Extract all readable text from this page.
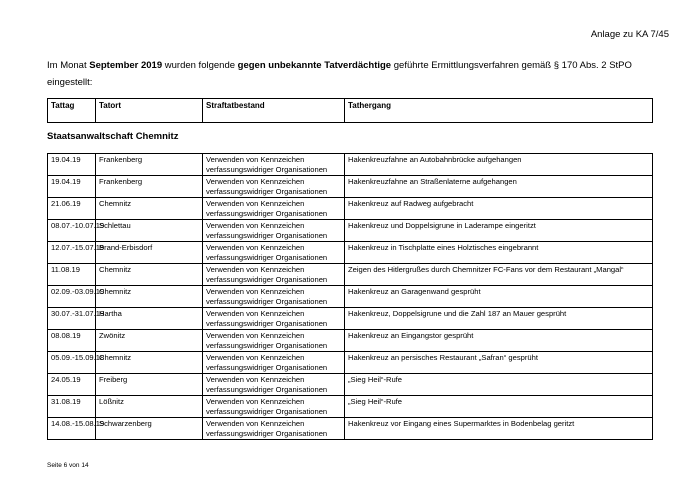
Anlage zu KA 7/45
Im Monat September 2019 wurden folgende gegen unbekannte Tatverdächtige geführte Ermittlungsverfahren gemäß § 170 Abs. 2 StPO eingestellt:
Tattag	Tatort	Straftatbestand	Tathergang
Staatsanwaltschaft Chemnitz
19.04.19	Frankenberg	Verwenden von Kennzeichen verfassungswidriger Organisationen	Hakenkreuzfahne an Autobahnbrücke aufgehangen
19.04.19	Frankenberg	Verwenden von Kennzeichen verfassungswidriger Organisationen	Hakenkreuzfahne an Straßenlaterne aufgehangen
21.06.19	Chemnitz	Verwenden von Kennzeichen verfassungswidriger Organisationen	Hakenkreuz auf Radweg aufgebracht
08.07.-10.07.19	Schlettau	Verwenden von Kennzeichen verfassungswidriger Organisationen	Hakenkreuz und Doppelsigrune in Laderampe eingeritzt
12.07.-15.07.19	Brand-Erbisdorf	Verwenden von Kennzeichen verfassungswidriger Organisationen	Hakenkreuz in Tischplatte eines Holztisches eingebrannt
11.08.19	Chemnitz	Verwenden von Kennzeichen verfassungswidriger Organisationen	Zeigen des Hitlergrußes durch Chemnitzer FC-Fans vor dem Restaurant „Mangal“
02.09.-03.09.19	Chemnitz	Verwenden von Kennzeichen verfassungswidriger Organisationen	Hakenkreuz an Garagenwand gesprüht
30.07.-31.07.19	Hartha	Verwenden von Kennzeichen verfassungswidriger Organisationen	Hakenkreuz, Doppelsigrune und die Zahl 187 an Mauer gesprüht
08.08.19	Zwönitz	Verwenden von Kennzeichen verfassungswidriger Organisationen	Hakenkreuz an Eingangstor gesprüht
05.09.-15.09.18	Chemnitz	Verwenden von Kennzeichen verfassungswidriger Organisationen	Hakenkreuz an persisches Restaurant „Safran“ gesprüht
24.05.19	Freiberg	Verwenden von Kennzeichen verfassungswidriger Organisationen	„Sieg Heil“-Rufe
31.08.19	Lößnitz	Verwenden von Kennzeichen verfassungswidriger Organisationen	„Sieg Heil“-Rufe
14.08.-15.08.19	Schwarzenberg	Verwenden von Kennzeichen verfassungswidriger Organisationen	Hakenkreuz vor Eingang eines Supermarktes in Bodenbelag geritzt
Seite 6 von 14
